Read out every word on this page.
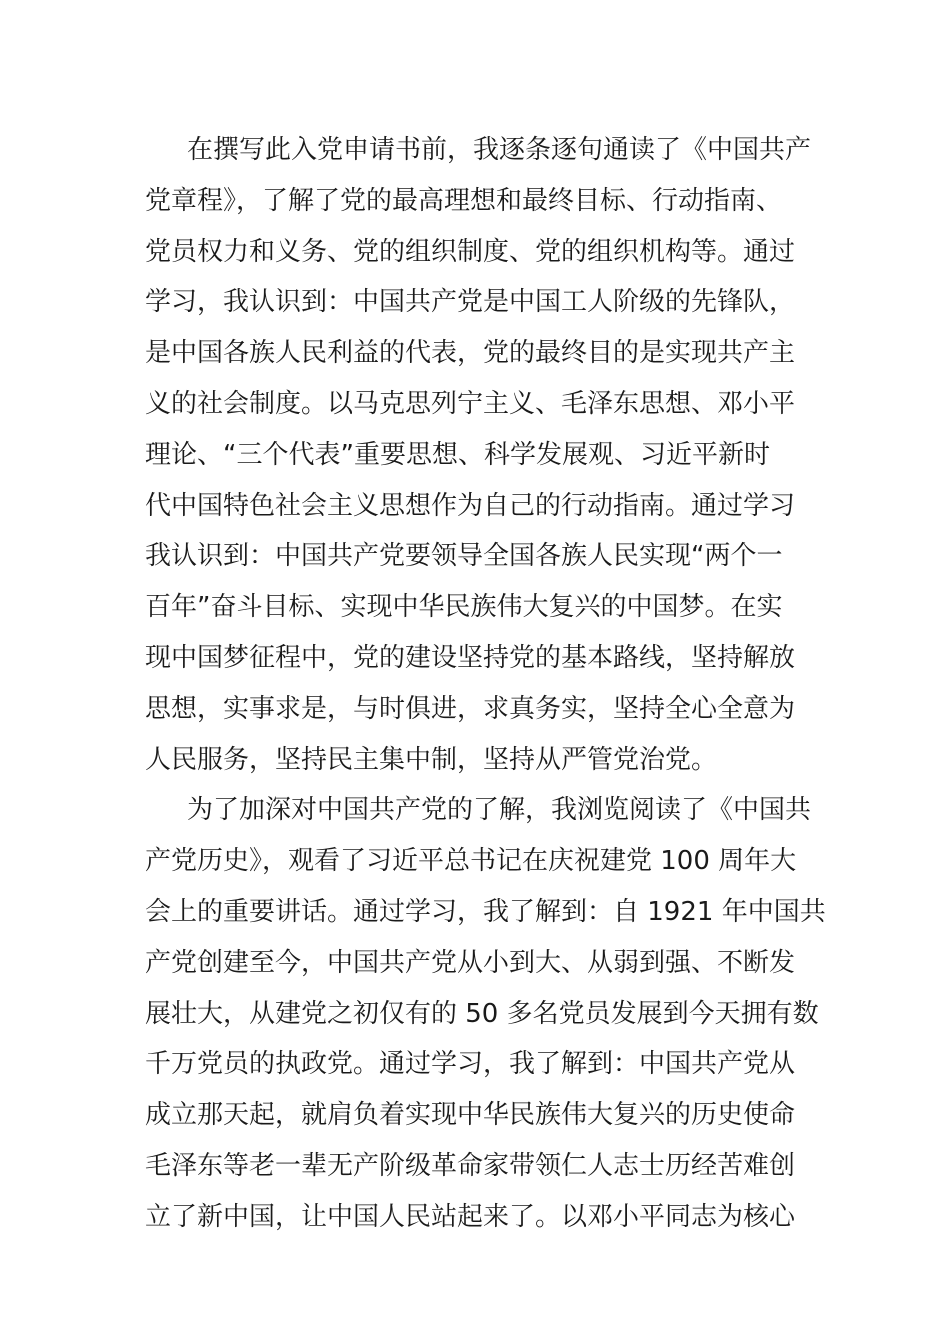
在撰写此入党申请书前，我逐条逐句通读了《中国共产
党章程》，了解了党的最高理想和最终目标、行动指南、
党员权力和义务、党的组织制度、党的组织机构等。通过
学习，我认识到：中国共产党是中国工人阶级的先锋队，
是中国各族人民利益的代表，党的最终目的是实现共产主
义的社会制度。以马克思列宁主义、毛泽东思想、邓小平
理论、“三个代表”重要思想、科学发展观、习近平新时
代中国特色社会主义思想作为自己的行动指南。通过学习
我认识到：中国共产党要领导全国各族人民实现“两个一
百年”奋斗目标、实现中华民族伟大复兴的中国梦。在实
现中国梦征程中，党的建设坚持党的基本路线，坚持解放
思想，实事求是，与时俱进，求真务实，坚持全心全意为
人民服务，坚持民主集中制，坚持从严管党治党。
为了加深对中国共产党的了解，我浏览阅读了《中国共
产党历史》，观看了习近平总书记在庆祝建党 100 周年大
会上的重要讲话。通过学习，我了解到：自 1921 年中国共
产党创建至今，中国共产党从小到大、从弱到强、不断发
展壮大，从建党之初仅有的 50 多名党员发展到今天拥有数
千万党员的执政党。通过学习，我了解到：中国共产党从
成立那天起，就肩负着实现中华民族伟大复兴的历史使命
毛泽东等老一辈无产阶级革命家带领仁人志士历经苦难创
立了新中国，让中国人民站起来了。以邓小平同志为核心
